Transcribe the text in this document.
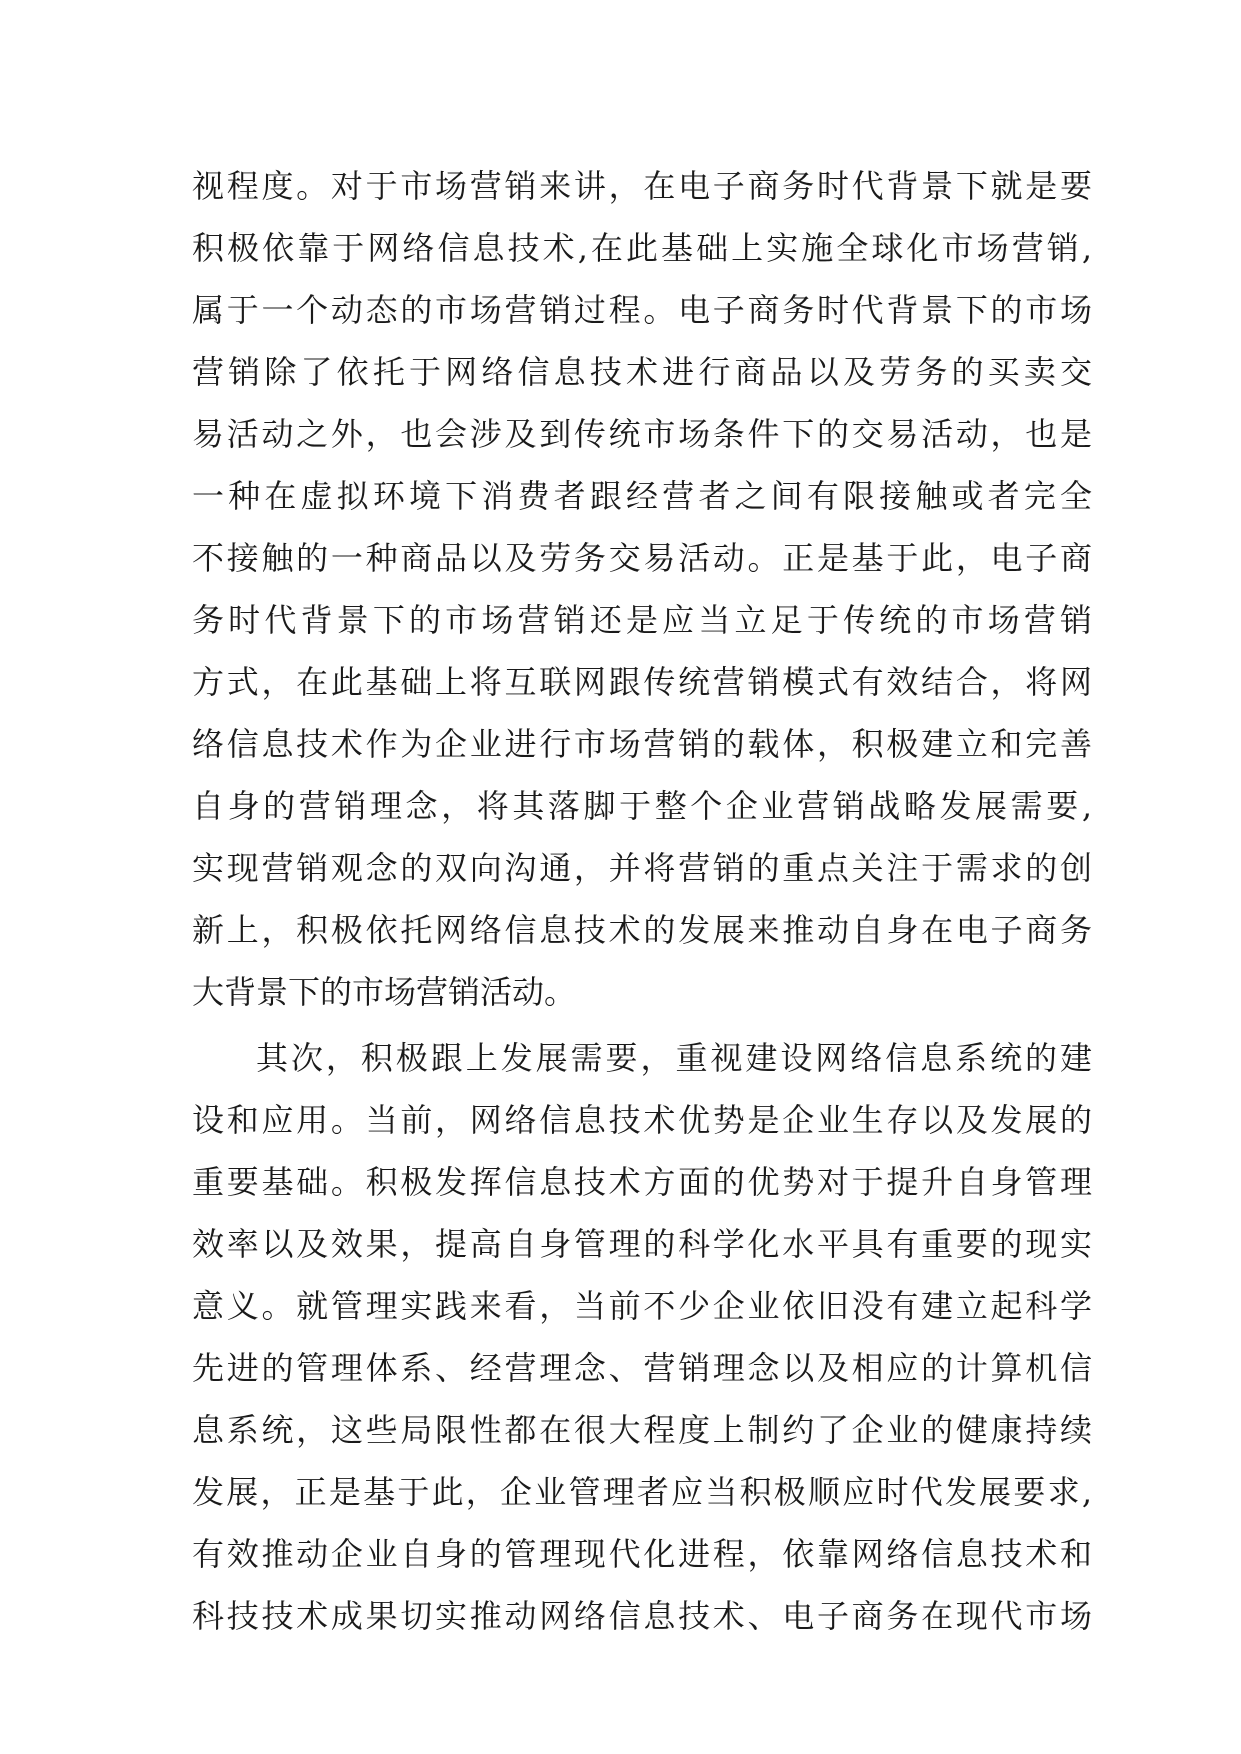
视程度。对于市场营销来讲，在电子商务时代背景下就是要
积极依靠于网络信息技术,在此基础上实施全球化市场营销,
属于一个动态的市场营销过程。电子商务时代背景下的市场
营销除了依托于网络信息技术进行商品以及劳务的买卖交
易活动之外，也会涉及到传统市场条件下的交易活动，也是
一种在虚拟环境下消费者跟经营者之间有限接触或者完全
不接触的一种商品以及劳务交易活动。正是基于此，电子商
务时代背景下的市场营销还是应当立足于传统的市场营销
方式，在此基础上将互联网跟传统营销模式有效结合，将网
络信息技术作为企业进行市场营销的载体，积极建立和完善
自身的营销理念，将其落脚于整个企业营销战略发展需要,
实现营销观念的双向沟通，并将营销的重点关注于需求的创
新上，积极依托网络信息技术的发展来推动自身在电子商务
大背景下的市场营销活动。
其次，积极跟上发展需要，重视建设网络信息系统的建
设和应用。当前，网络信息技术优势是企业生存以及发展的
重要基础。积极发挥信息技术方面的优势对于提升自身管理
效率以及效果，提高自身管理的科学化水平具有重要的现实
意义。就管理实践来看，当前不少企业依旧没有建立起科学
先进的管理体系、经营理念、营销理念以及相应的计算机信
息系统，这些局限性都在很大程度上制约了企业的健康持续
发展，正是基于此，企业管理者应当积极顺应时代发展要求,
有效推动企业自身的管理现代化进程，依靠网络信息技术和
科技技术成果切实推动网络信息技术、电子商务在现代市场
